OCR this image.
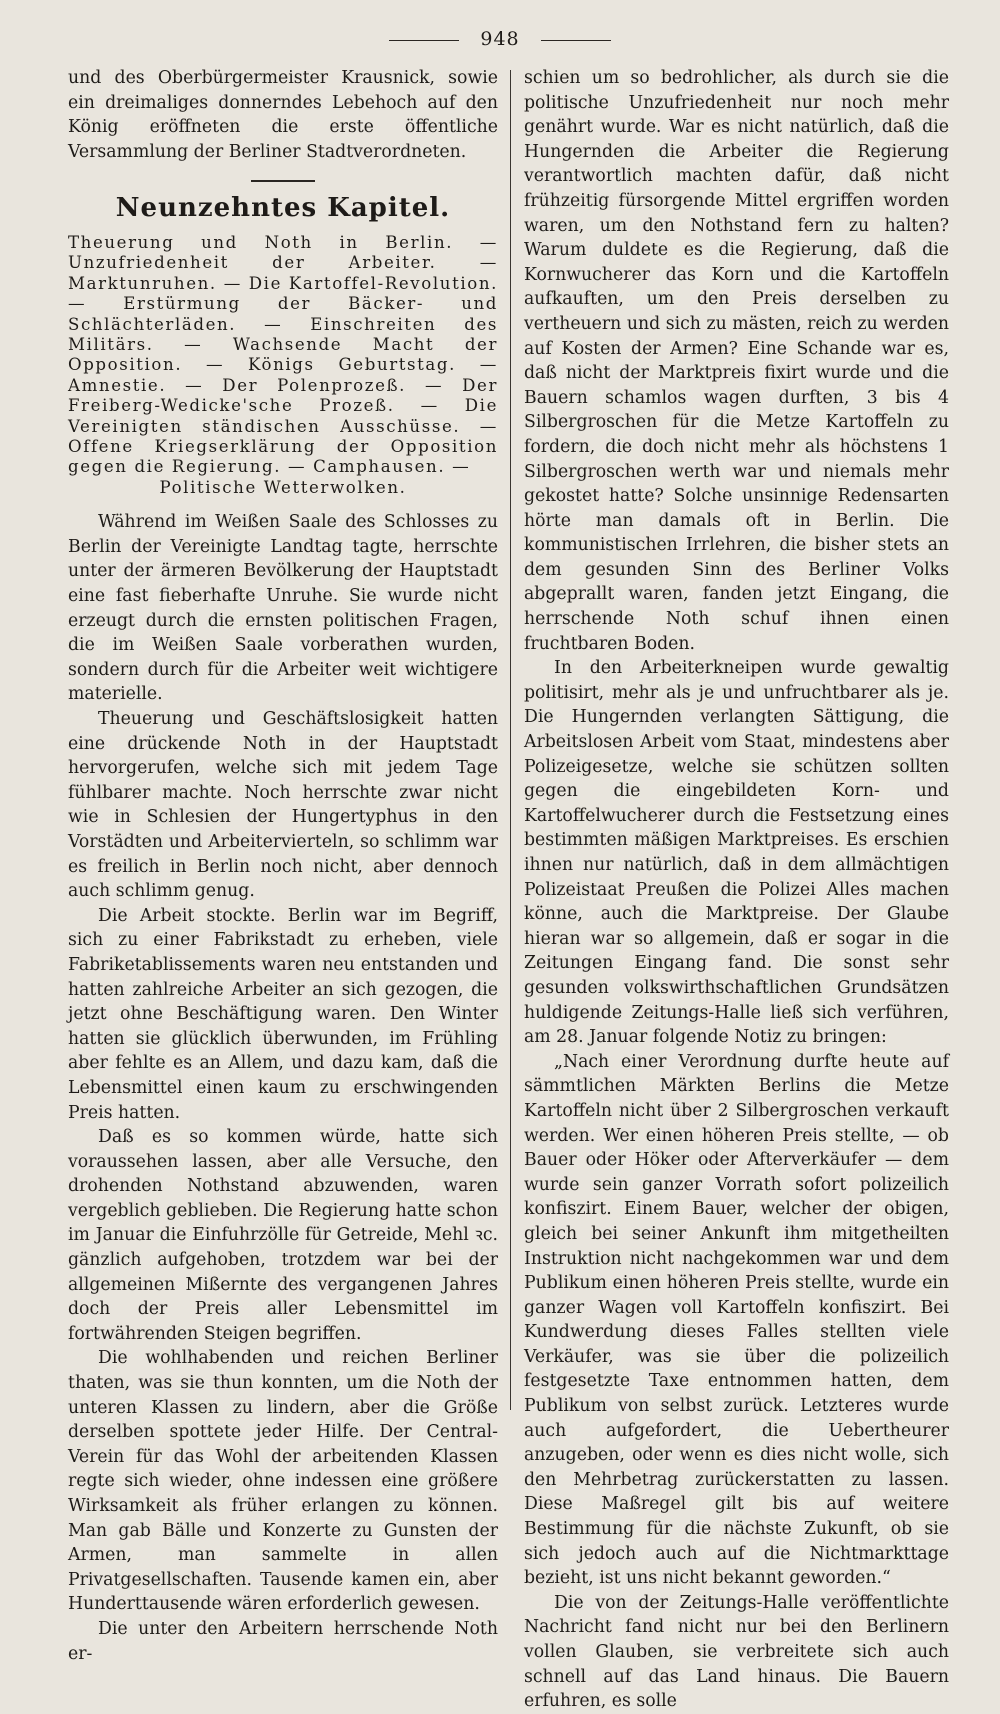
948

und des Oberbürgermeister Krausnick, sowie ein dreimaliges donnerndes Lebehoch auf den König eröffneten die erste öffentliche Versammlung der Berliner Stadtverordneten.

Neunzehntes Kapitel.
Theuerung und Noth in Berlin. — Unzufriedenheit der Arbeiter. — Marktunruhen. — Die Kartoffel-Revolution. — Erstürmung der Bäcker- und Schlächterläden. — Einschreiten des Militärs. — Wachsende Macht der Opposition. — Königs Geburtstag. — Amnestie. — Der Polenprozeß. — Der Freiberg-Wedicke'sche Prozeß. — Die Vereinigten ständischen Ausschüsse. — Offene Kriegserklärung der Opposition gegen die Regierung. — Camphausen. —
Politische Wetterwolken.

Während im Weißen Saale des Schlosses zu Berlin der Vereinigte Landtag tagte, herrschte unter der ärmeren Bevölkerung der Hauptstadt eine fast fieberhafte Unruhe. Sie wurde nicht erzeugt durch die ernsten politischen Fragen, die im Weißen Saale vorberathen wurden, sondern durch für die Arbeiter weit wichtigere materielle.

Theuerung und Geschäftslosigkeit hatten eine drückende Noth in der Hauptstadt hervorgerufen, welche sich mit jedem Tage fühlbarer machte. Noch herrschte zwar nicht wie in Schlesien der Hungertyphus in den Vorstädten und Arbeitervierteln, so schlimm war es freilich in Berlin noch nicht, aber dennoch auch schlimm genug.

Die Arbeit stockte. Berlin war im Begriff, sich zu einer Fabrikstadt zu erheben, viele Fabriketablissements waren neu entstanden und hatten zahlreiche Arbeiter an sich gezogen, die jetzt ohne Beschäftigung waren. Den Winter hatten sie glücklich überwunden, im Frühling aber fehlte es an Allem, und dazu kam, daß die Lebensmittel einen kaum zu erschwingenden Preis hatten.

Daß es so kommen würde, hatte sich voraussehen lassen, aber alle Versuche, den drohenden Nothstand abzuwenden, waren vergeblich geblieben. Die Regierung hatte schon im Januar die Einfuhrzölle für Getreide, Mehl ꝛc. gänzlich aufgehoben, trotzdem war bei der allgemeinen Mißernte des vergangenen Jahres doch der Preis aller Lebensmittel im fortwährenden Steigen begriffen.

Die wohlhabenden und reichen Berliner thaten, was sie thun konnten, um die Noth der unteren Klassen zu lindern, aber die Größe derselben spottete jeder Hilfe. Der Central-Verein für das Wohl der arbeitenden Klassen regte sich wieder, ohne indessen eine größere Wirksamkeit als früher erlangen zu können. Man gab Bälle und Konzerte zu Gunsten der Armen, man sammelte in allen Privatgesellschaften. Tausende kamen ein, aber Hunderttausende wären erforderlich gewesen.

Die unter den Arbeitern herrschende Noth er-

schien um so bedrohlicher, als durch sie die politische Unzufriedenheit nur noch mehr genährt wurde. War es nicht natürlich, daß die Hungernden die Arbeiter die Regierung verantwortlich machten dafür, daß nicht frühzeitig fürsorgende Mittel ergriffen worden waren, um den Nothstand fern zu halten? Warum duldete es die Regierung, daß die Kornwucherer das Korn und die Kartoffeln aufkauften, um den Preis derselben zu vertheuern und sich zu mästen, reich zu werden auf Kosten der Armen? Eine Schande war es, daß nicht der Marktpreis fixirt wurde und die Bauern schamlos wagen durften, 3 bis 4 Silbergroschen für die Metze Kartoffeln zu fordern, die doch nicht mehr als höchstens 1 Silbergroschen werth war und niemals mehr gekostet hatte? Solche unsinnige Redensarten hörte man damals oft in Berlin. Die kommunistischen Irrlehren, die bisher stets an dem gesunden Sinn des Berliner Volks abgeprallt waren, fanden jetzt Eingang, die herrschende Noth schuf ihnen einen fruchtbaren Boden.

In den Arbeiterkneipen wurde gewaltig politisirt, mehr als je und unfruchtbarer als je. Die Hungernden verlangten Sättigung, die Arbeitslosen Arbeit vom Staat, mindestens aber Polizeigesetze, welche sie schützen sollten gegen die eingebildeten Korn- und Kartoffelwucherer durch die Festsetzung eines bestimmten mäßigen Marktpreises. Es erschien ihnen nur natürlich, daß in dem allmächtigen Polizeistaat Preußen die Polizei Alles machen könne, auch die Marktpreise. Der Glaube hieran war so allgemein, daß er sogar in die Zeitungen Eingang fand. Die sonst sehr gesunden volkswirthschaftlichen Grundsätzen huldigende Zeitungs-Halle ließ sich verführen, am 28. Januar folgende Notiz zu bringen:

„Nach einer Verordnung durfte heute auf sämmtlichen Märkten Berlins die Metze Kartoffeln nicht über 2 Silbergroschen verkauft werden. Wer einen höheren Preis stellte, — ob Bauer oder Höker oder Afterverkäufer — dem wurde sein ganzer Vorrath sofort polizeilich konfiszirt. Einem Bauer, welcher der obigen, gleich bei seiner Ankunft ihm mitgetheilten Instruktion nicht nachgekommen war und dem Publikum einen höheren Preis stellte, wurde ein ganzer Wagen voll Kartoffeln konfiszirt. Bei Kundwerdung dieses Falles stellten viele Verkäufer, was sie über die polizeilich festgesetzte Taxe entnommen hatten, dem Publikum von selbst zurück. Letzteres wurde auch aufgefordert, die Uebertheurer anzugeben, oder wenn es dies nicht wolle, sich den Mehrbetrag zurückerstatten zu lassen. Diese Maßregel gilt bis auf weitere Bestimmung für die nächste Zukunft, ob sie sich jedoch auch auf die Nichtmarkttage bezieht, ist uns nicht bekannt geworden.“

Die von der Zeitungs-Halle veröffentlichte Nachricht fand nicht nur bei den Berlinern vollen Glauben, sie verbreitete sich auch schnell auf das Land hinaus. Die Bauern erfuhren, es solle
